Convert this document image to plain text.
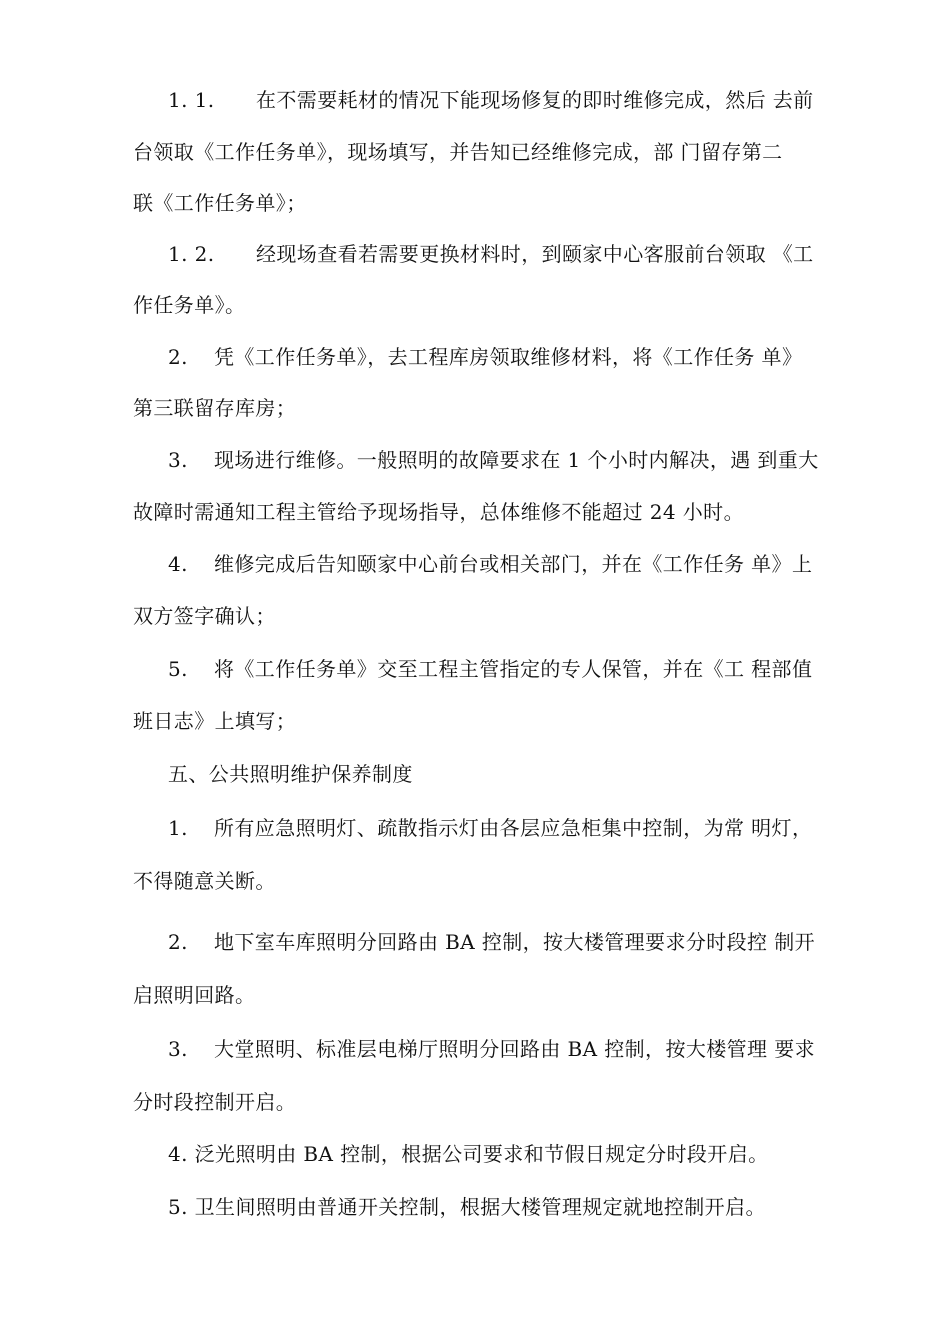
1. 1. 在不需要耗材的情况下能现场修复的即时维修完成，然后 去前
台领取《工作任务单》，现场填写，并告知已经维修完成，部 门留存第二
联《工作任务单》；
1. 2. 经现场查看若需要更换材料时，到颐家中心客服前台领取 《工
作任务单》。
2. 凭《工作任务单》，去工程库房领取维修材料，将《工作任务 单》
第三联留存库房；
3. 现场进行维修。一般照明的故障要求在 1 个小时内解决，遇 到重大
故障时需通知工程主管给予现场指导，总体维修不能超过 24 小时。
4. 维修完成后告知颐家中心前台或相关部门，并在《工作任务 单》上
双方签字确认；
5. 将《工作任务单》交至工程主管指定的专人保管，并在《工 程部值
班日志》上填写；
五、公共照明维护保养制度
1. 所有应急照明灯、疏散指示灯由各层应急柜集中控制，为常 明灯，
不得随意关断。
2. 地下室车库照明分回路由 BA 控制，按大楼管理要求分时段控 制开
启照明回路。
3. 大堂照明、标准层电梯厅照明分回路由 BA 控制，按大楼管理 要求
分时段控制开启。
4. 泛光照明由 BA 控制，根据公司要求和节假日规定分时段开启。
5. 卫生间照明由普通开关控制，根据大楼管理规定就地控制开启。
